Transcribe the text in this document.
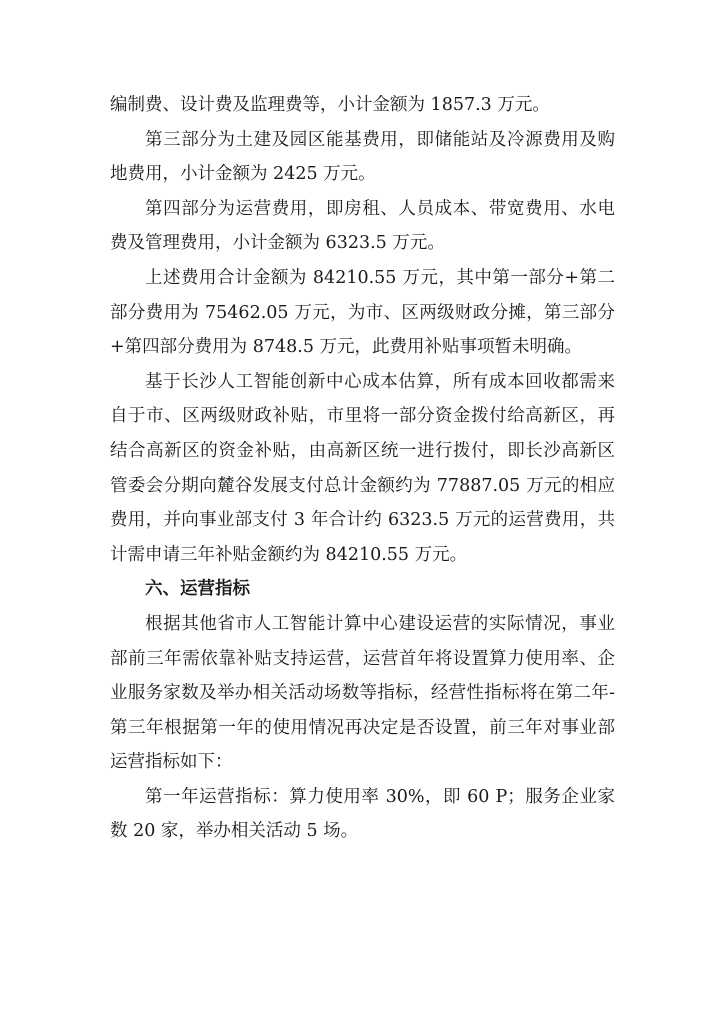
编制费、设计费及监理费等，小计金额为 1857.3 万元。

第三部分为土建及园区能基费用，即储能站及冷源费用及购地费用，小计金额为 2425 万元。

第四部分为运营费用，即房租、人员成本、带宽费用、水电费及管理费用，小计金额为 6323.5 万元。

上述费用合计金额为 84210.55 万元，其中第一部分+第二部分费用为 75462.05 万元，为市、区两级财政分摊，第三部分+第四部分费用为 8748.5 万元，此费用补贴事项暂未明确。

基于长沙人工智能创新中心成本估算，所有成本回收都需来自于市、区两级财政补贴，市里将一部分资金拨付给高新区，再结合高新区的资金补贴，由高新区统一进行拨付，即长沙高新区管委会分期向麓谷发展支付总计金额约为 77887.05 万元的相应费用，并向事业部支付 3 年合计约 6323.5 万元的运营费用，共计需申请三年补贴金额约为 84210.55 万元。

六、运营指标

根据其他省市人工智能计算中心建设运营的实际情况，事业部前三年需依靠补贴支持运营，运营首年将设置算力使用率、企业服务家数及举办相关活动场数等指标，经营性指标将在第二年-第三年根据第一年的使用情况再决定是否设置，前三年对事业部运营指标如下：

第一年运营指标：算力使用率 30%，即 60 P；服务企业家数 20 家，举办相关活动 5 场。
